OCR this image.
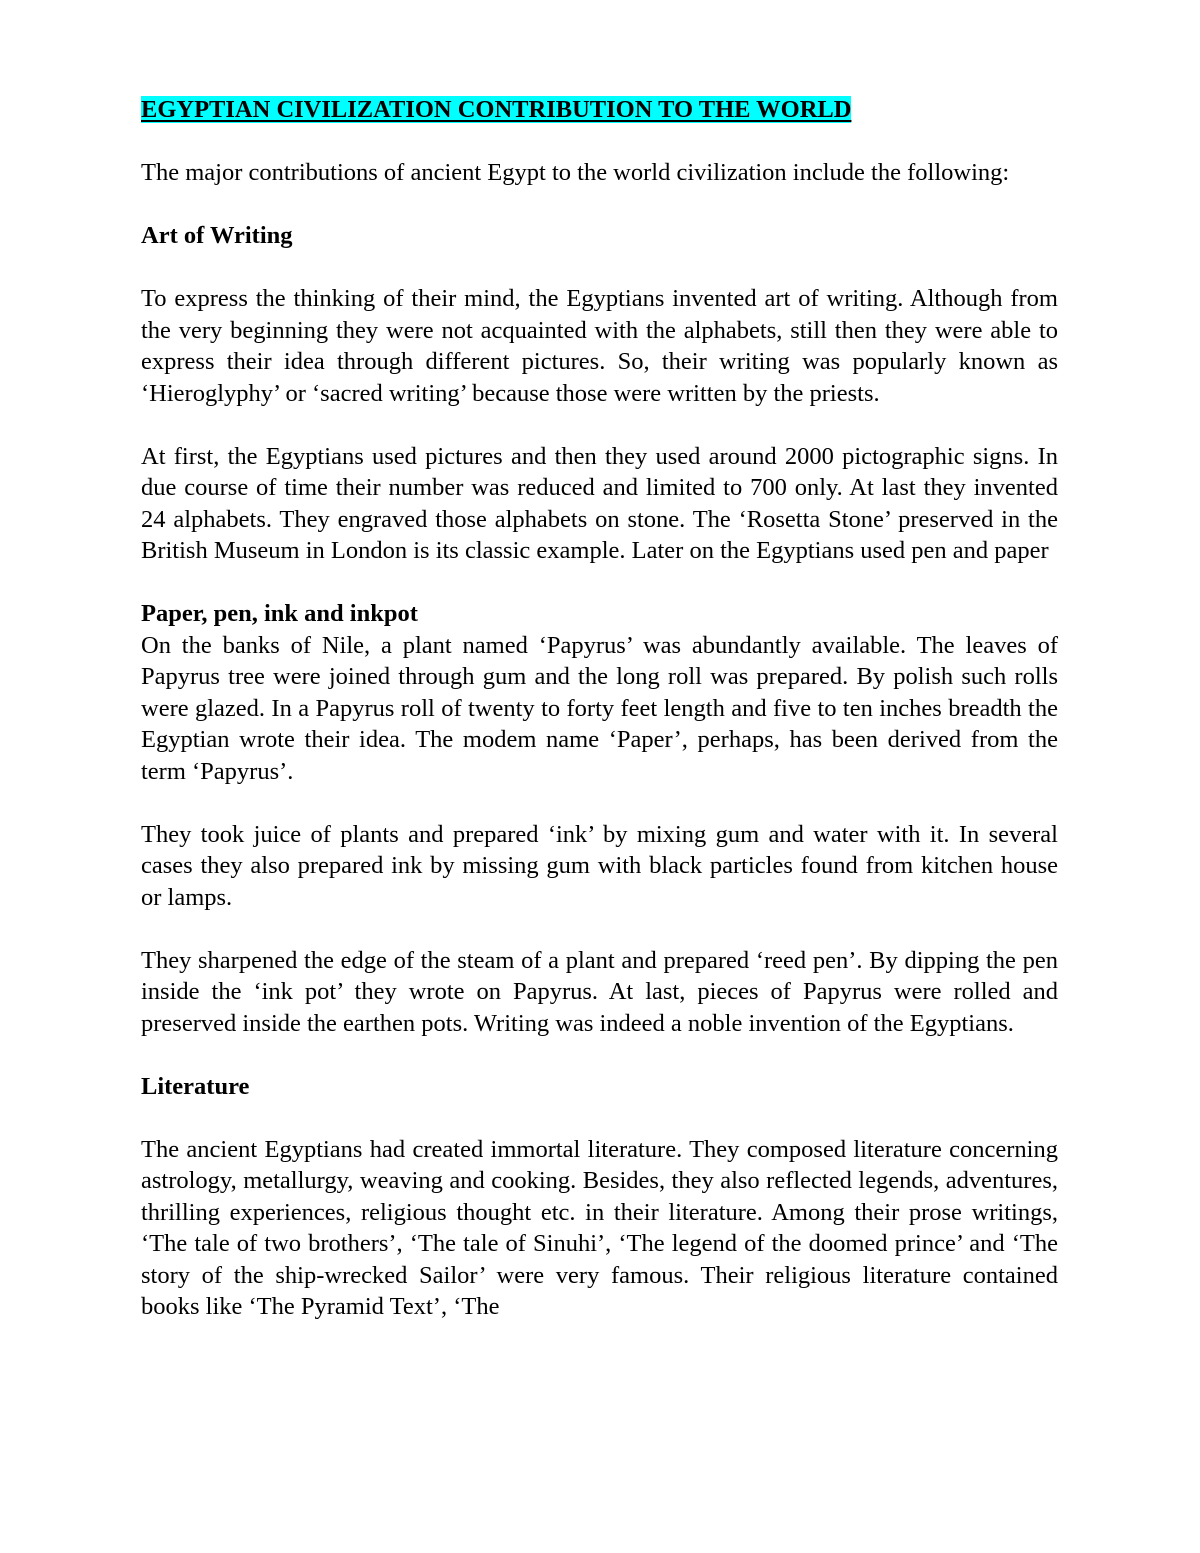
EGYPTIAN CIVILIZATION CONTRIBUTION TO THE WORLD

The major contributions of ancient Egypt to the world civilization include the following:

Art of Writing

To express the thinking of their mind, the Egyptians invented art of writing. Although from the very beginning they were not acquainted with the alphabets, still then they were able to express their idea through different pictures. So, their writing was popularly known as ‘Hieroglyphy’ or ‘sacred writing’ because those were written by the priests.

At first, the Egyptians used pictures and then they used around 2000 pictographic signs. In due course of time their number was reduced and limited to 700 only. At last they invented 24 alphabets. They engraved those alphabets on stone. The ‘Rosetta Stone’ preserved in the British Museum in London is its classic example. Later on the Egyptians used pen and paper

Paper, pen, ink and inkpot

On the banks of Nile, a plant named ‘Papyrus’ was abundantly available. The leaves of Papyrus tree were joined through gum and the long roll was prepared. By polish such rolls were glazed. In a Papyrus roll of twenty to forty feet length and five to ten inches breadth the Egyptian wrote their idea. The modem name ‘Paper’, perhaps, has been derived from the term ‘Papyrus’.

They took juice of plants and prepared ‘ink’ by mixing gum and water with it. In several cases they also prepared ink by missing gum with black particles found from kitchen house or lamps.

They sharpened the edge of the steam of a plant and prepared ‘reed pen’. By dipping the pen inside the ‘ink pot’ they wrote on Papyrus. At last, pieces of Papyrus were rolled and preserved inside the earthen pots. Writing was indeed a noble invention of the Egyptians.

Literature

The ancient Egyptians had created immortal literature. They composed literature concerning astrology, metallurgy, weaving and cooking. Besides, they also reflected legends, adventures, thrilling experiences, religious thought etc. in their literature. Among their prose writings, ‘The tale of two brothers’, ‘The tale of Sinuhi’, ‘The legend of the doomed prince’ and ‘The story of the ship-wrecked Sailor’ were very famous. Their religious literature contained books like ‘The Pyramid Text’, ‘The
